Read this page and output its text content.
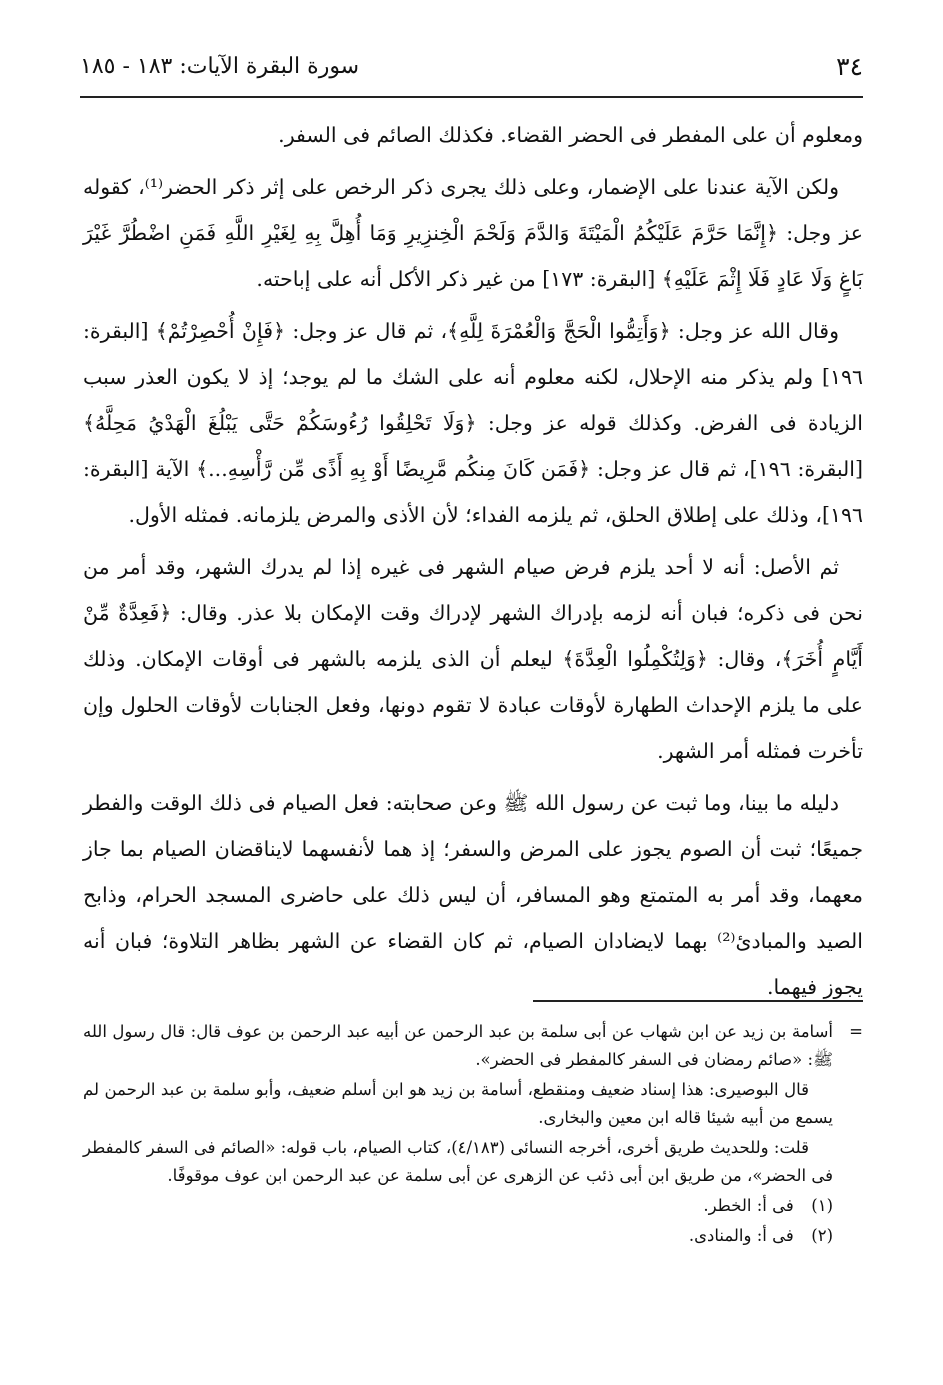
٣٤
سورة البقرة الآيات: ١٨٣ - ١٨٥

ومعلوم أن على المفطر فى الحضر القضاء. فكذلك الصائم فى السفر.

ولكن الآية عندنا على الإضمار، وعلى ذلك يجرى ذكر الرخص على إثر ذكر الحضر⁽¹⁾، كقوله عز وجل: ﴿إِنَّمَا حَرَّمَ عَلَيْكُمُ الْمَيْتَةَ وَالدَّمَ وَلَحْمَ الْخِنزِيرِ وَمَا أُهِلَّ بِهِ لِغَيْرِ اللَّهِ فَمَنِ اضْطُرَّ غَيْرَ بَاغٍ وَلَا عَادٍ فَلَا إِثْمَ عَلَيْهِ﴾ [البقرة: ١٧٣] من غير ذكر الأكل أنه على إباحته.

وقال الله عز وجل: ﴿وَأَتِمُّوا الْحَجَّ وَالْعُمْرَةَ لِلَّهِ﴾، ثم قال عز وجل: ﴿فَإِنْ أُحْصِرْتُمْ﴾ [البقرة: ١٩٦] ولم يذكر منه الإحلال، لكنه معلوم أنه على الشك ما لم يوجد؛ إذ لا يكون العذر سبب الزيادة فى الفرض. وكذلك قوله عز وجل: ﴿وَلَا تَحْلِقُوا رُءُوسَكُمْ حَتَّى يَبْلُغَ الْهَدْيُ مَحِلَّهُ﴾ [البقرة: ١٩٦]، ثم قال عز وجل: ﴿فَمَن كَانَ مِنكُم مَّرِيضًا أَوْ بِهِ أَذًى مِّن رَّأْسِهِ...﴾ الآية [البقرة: ١٩٦]، وذلك على إطلاق الحلق، ثم يلزمه الفداء؛ لأن الأذى والمرض يلزمانه. فمثله الأول.

ثم الأصل: أنه لا أحد يلزم فرض صيام الشهر فى غيره إذا لم يدرك الشهر، وقد أمر من نحن فى ذكره؛ فبان أنه لزمه بإدراك الشهر لإدراك وقت الإمكان بلا عذر. وقال: ﴿فَعِدَّةٌ مِّنْ أَيَّامٍ أُخَرَ﴾، وقال: ﴿وَلِتُكْمِلُوا الْعِدَّةَ﴾ ليعلم أن الذى يلزمه بالشهر فى أوقات الإمكان. وذلك على ما يلزم الإحداث الطهارة لأوقات عبادة لا تقوم دونها، وفعل الجنابات لأوقات الحلول وإن تأخرت فمثله أمر الشهر.

دليله ما بينا، وما ثبت عن رسول الله ﷺ وعن صحابته: فعل الصيام فى ذلك الوقت والفطر جميعًا؛ ثبت أن الصوم يجوز على المرض والسفر؛ إذ هما لأنفسهما لايناقضان الصيام بما جاز معهما، وقد أمر به المتمتع وهو المسافر، أن ليس ذلك على حاضرى المسجد الحرام، وذابح الصيد والمبادئ⁽²⁾ بهما لايضادان الصيام، ثم كان القضاء عن الشهر بظاهر التلاوة؛ فبان أنه يجوز فيهما.

=
أسامة بن زيد عن ابن شهاب عن أبى سلمة بن عبد الرحمن عن أبيه عبد الرحمن بن عوف قال: قال رسول الله ﷺ: «صائم رمضان فى السفر كالمفطر فى الحضر».

قال البوصيرى: هذا إسناد ضعيف ومنقطع، أسامة بن زيد هو ابن أسلم ضعيف، وأبو سلمة بن عبد الرحمن لم يسمع من أبيه شيئا قاله ابن معين والبخارى.

قلت: وللحديث طريق أخرى، أخرجه النسائى (٤/١٨٣)، كتاب الصيام، باب قوله: «الصائم فى السفر كالمفطر فى الحضر»، من طريق ابن أبى ذئب عن الزهرى عن أبى سلمة عن عبد الرحمن ابن عوف موقوفًا.

(١) فى أ: الخطر.

(٢) فى أ: والمنادى.
